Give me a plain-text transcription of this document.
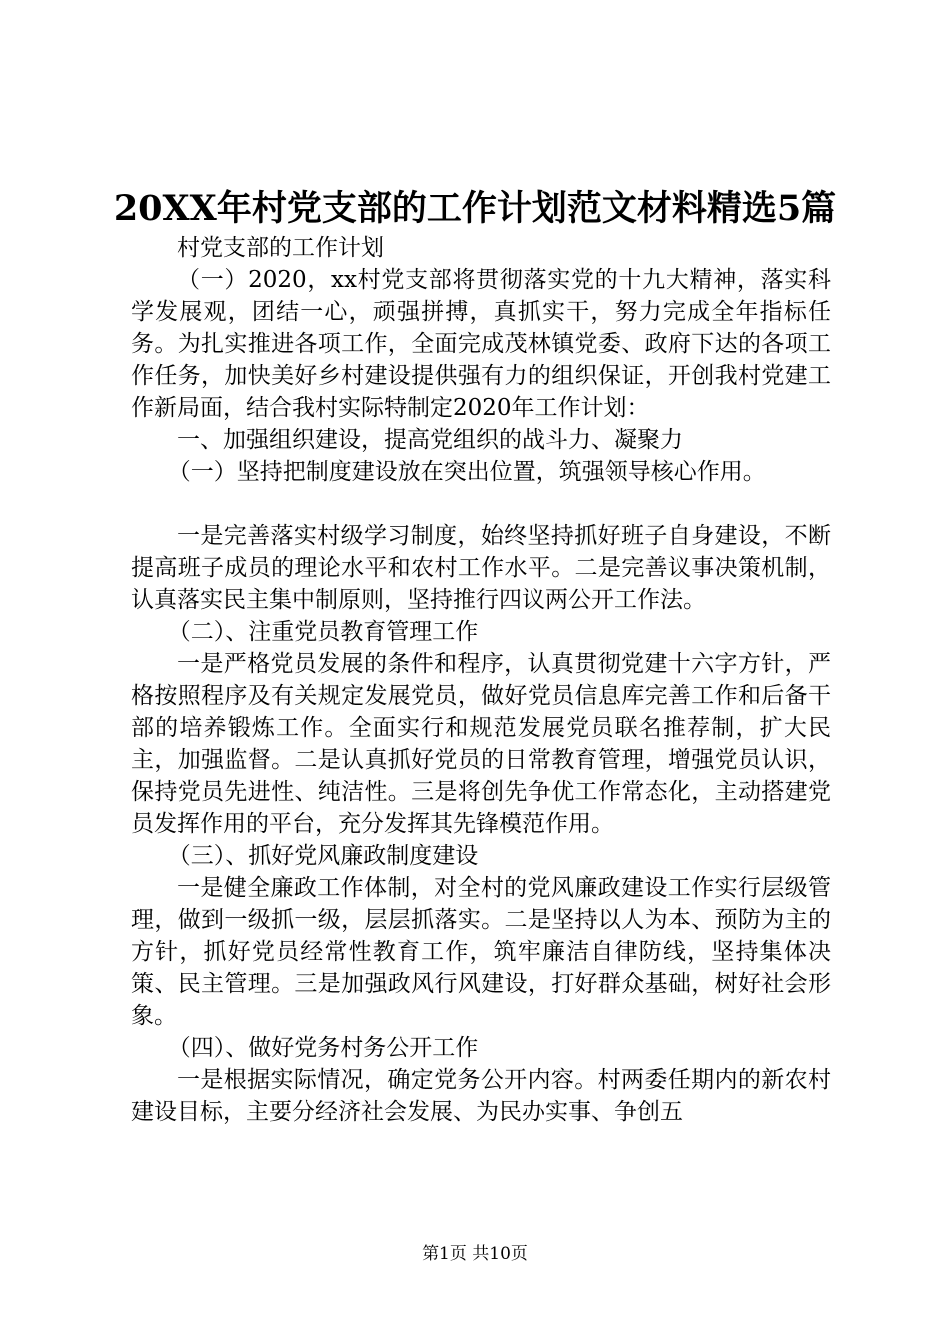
20XX年村党支部的工作计划范文材料精选5篇

村党支部的工作计划

（一）2020，xx村党支部将贯彻落实党的十九大精神，落实科学发展观，团结一心，顽强拼搏，真抓实干，努力完成全年指标任务。为扎实推进各项工作，全面完成茂林镇党委、政府下达的各项工作任务，加快美好乡村建设提供强有力的组织保证，开创我村党建工作新局面，结合我村实际特制定2020年工作计划：

一、加强组织建设，提高党组织的战斗力、凝聚力

（一）坚持把制度建设放在突出位置，筑强领导核心作用。

一是完善落实村级学习制度，始终坚持抓好班子自身建设，不断提高班子成员的理论水平和农村工作水平。二是完善议事决策机制，认真落实民主集中制原则，坚持推行四议两公开工作法。

（二）、注重党员教育管理工作

一是严格党员发展的条件和程序，认真贯彻党建十六字方针，严格按照程序及有关规定发展党员，做好党员信息库完善工作和后备干部的培养锻炼工作。全面实行和规范发展党员联名推荐制，扩大民主，加强监督。二是认真抓好党员的日常教育管理，增强党员认识，保持党员先进性、纯洁性。三是将创先争优工作常态化，主动搭建党员发挥作用的平台，充分发挥其先锋模范作用。

（三）、抓好党风廉政制度建设

一是健全廉政工作体制，对全村的党风廉政建设工作实行层级管理，做到一级抓一级，层层抓落实。二是坚持以人为本、预防为主的方针，抓好党员经常性教育工作，筑牢廉洁自律防线，坚持集体决策、民主管理。三是加强政风行风建设，打好群众基础，树好社会形象。

（四）、做好党务村务公开工作

一是根据实际情况，确定党务公开内容。村两委任期内的新农村建设目标，主要分经济社会发展、为民办实事、争创五

第1页 共10页
